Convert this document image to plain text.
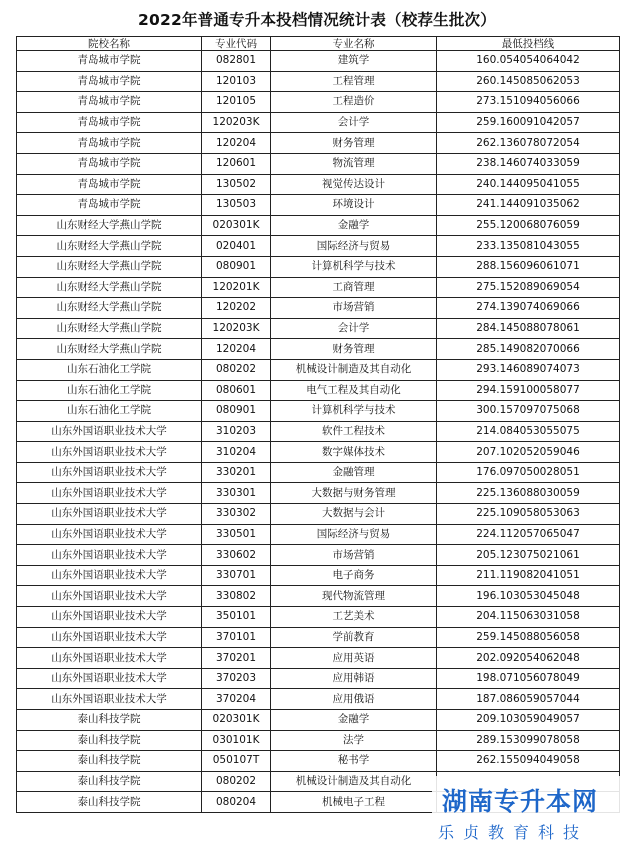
2022年普通专升本投档情况统计表（校荐生批次）
院校名称	专业代码	专业名称	最低投档线
青岛城市学院	082801	建筑学	160.054054064042
青岛城市学院	120103	工程管理	260.145085062053
青岛城市学院	120105	工程造价	273.151094056066
青岛城市学院	120203K	会计学	259.160091042057
青岛城市学院	120204	财务管理	262.136078072054
青岛城市学院	120601	物流管理	238.146074033059
青岛城市学院	130502	视觉传达设计	240.144095041055
青岛城市学院	130503	环境设计	241.144091035062
山东财经大学燕山学院	020301K	金融学	255.120068076059
山东财经大学燕山学院	020401	国际经济与贸易	233.135081043055
山东财经大学燕山学院	080901	计算机科学与技术	288.156096061071
山东财经大学燕山学院	120201K	工商管理	275.152089069054
山东财经大学燕山学院	120202	市场营销	274.139074069066
山东财经大学燕山学院	120203K	会计学	284.145088078061
山东财经大学燕山学院	120204	财务管理	285.149082070066
山东石油化工学院	080202	机械设计制造及其自动化	293.146089074073
山东石油化工学院	080601	电气工程及其自动化	294.159100058077
山东石油化工学院	080901	计算机科学与技术	300.157097075068
山东外国语职业技术大学	310203	软件工程技术	214.084053055075
山东外国语职业技术大学	310204	数字媒体技术	207.102052059046
山东外国语职业技术大学	330201	金融管理	176.097050028051
山东外国语职业技术大学	330301	大数据与财务管理	225.136088030059
山东外国语职业技术大学	330302	大数据与会计	225.109058053063
山东外国语职业技术大学	330501	国际经济与贸易	224.112057065047
山东外国语职业技术大学	330602	市场营销	205.123075021061
山东外国语职业技术大学	330701	电子商务	211.119082041051
山东外国语职业技术大学	330802	现代物流管理	196.103053045048
山东外国语职业技术大学	350101	工艺美术	204.115063031058
山东外国语职业技术大学	370101	学前教育	259.145088056058
山东外国语职业技术大学	370201	应用英语	202.092054062048
山东外国语职业技术大学	370203	应用韩语	198.071056078049
山东外国语职业技术大学	370204	应用俄语	187.086059057044
泰山科技学院	020301K	金融学	209.103059049057
泰山科技学院	030101K	法学	289.153099078058
泰山科技学院	050107T	秘书学	262.155094049058
泰山科技学院	080202	机械设计制造及其自动化	
泰山科技学院	080204	机械电子工程	湖南专升本网
乐贞教育科技
